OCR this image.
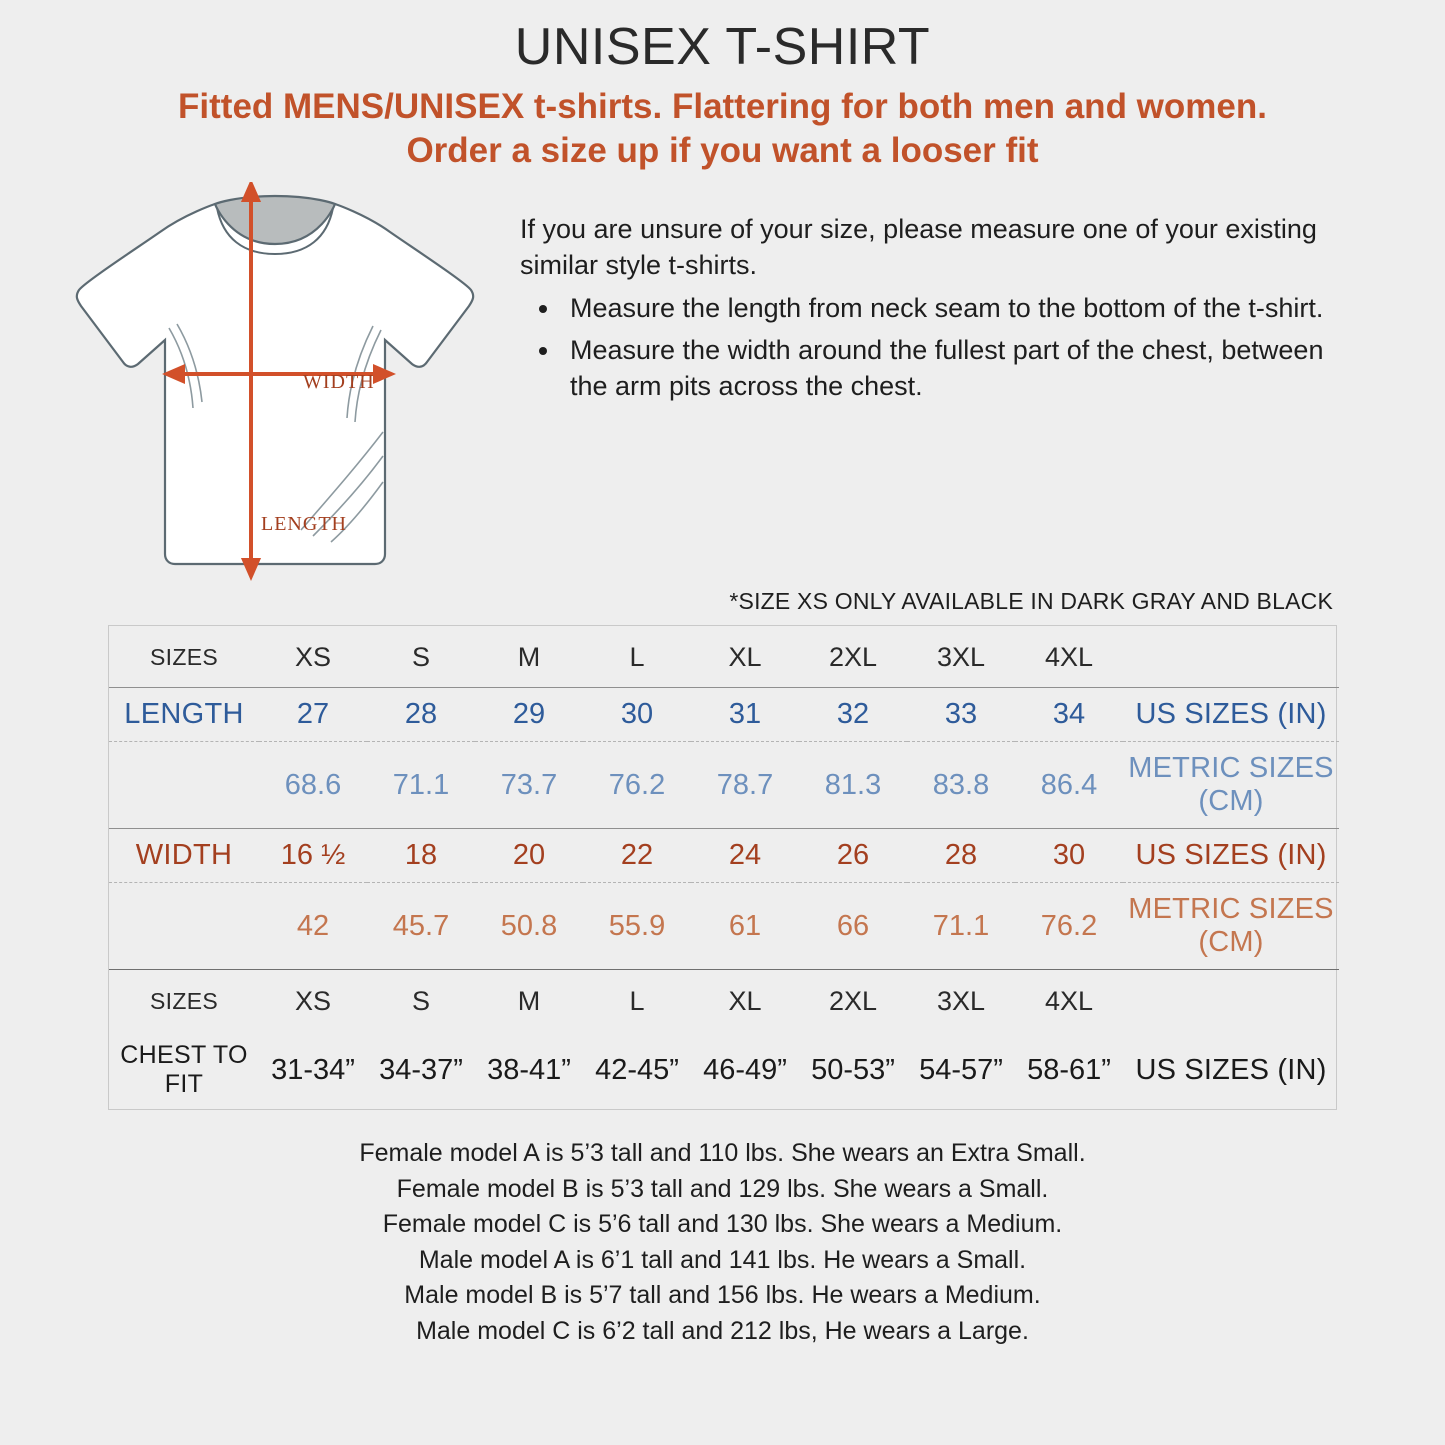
UNISEX T-SHIRT
Fitted MENS/UNISEX t-shirts. Flattering for both men and women.
Order a size up if you want a looser fit
WIDTH
LENGTH

If you are unsure of your size, please measure one of your existing similar style t-shirts.

• Measure the length from neck seam to the bottom of the t-shirt.
• Measure the width around the fullest part of the chest, between the arm pits across the chest.
*SIZE XS ONLY AVAILABLE IN DARK GRAY AND BLACK
SIZES	XS	S	M	L	XL	2XL	3XL	4XL	
LENGTH	27	28	29	30	31	32	33	34	US SIZES (IN)
	68.6	71.1	73.7	76.2	78.7	81.3	83.8	86.4	METRIC SIZES (CM)
WIDTH	16 ½	18	20	22	24	26	28	30	US SIZES (IN)
	42	45.7	50.8	55.9	61	66	71.1	76.2	METRIC SIZES (CM)
SIZES	XS	S	M	L	XL	2XL	3XL	4XL	
CHEST TO FIT	31-34”	34-37”	38-41”	42-45”	46-49”	50-53”	54-57”	58-61”	US SIZES (IN)
Female model A is 5’3 tall and 110 lbs. She wears an Extra Small.
Female model B is 5’3 tall and 129 lbs. She wears a Small.
Female model C is 5’6 tall and 130 lbs. She wears a Medium.
Male model A is 6’1 tall and 141 lbs. He wears a Small.
Male model B is 5’7 tall and 156 lbs. He wears a Medium.
Male model C is 6’2 tall and 212 lbs, He wears a Large.
